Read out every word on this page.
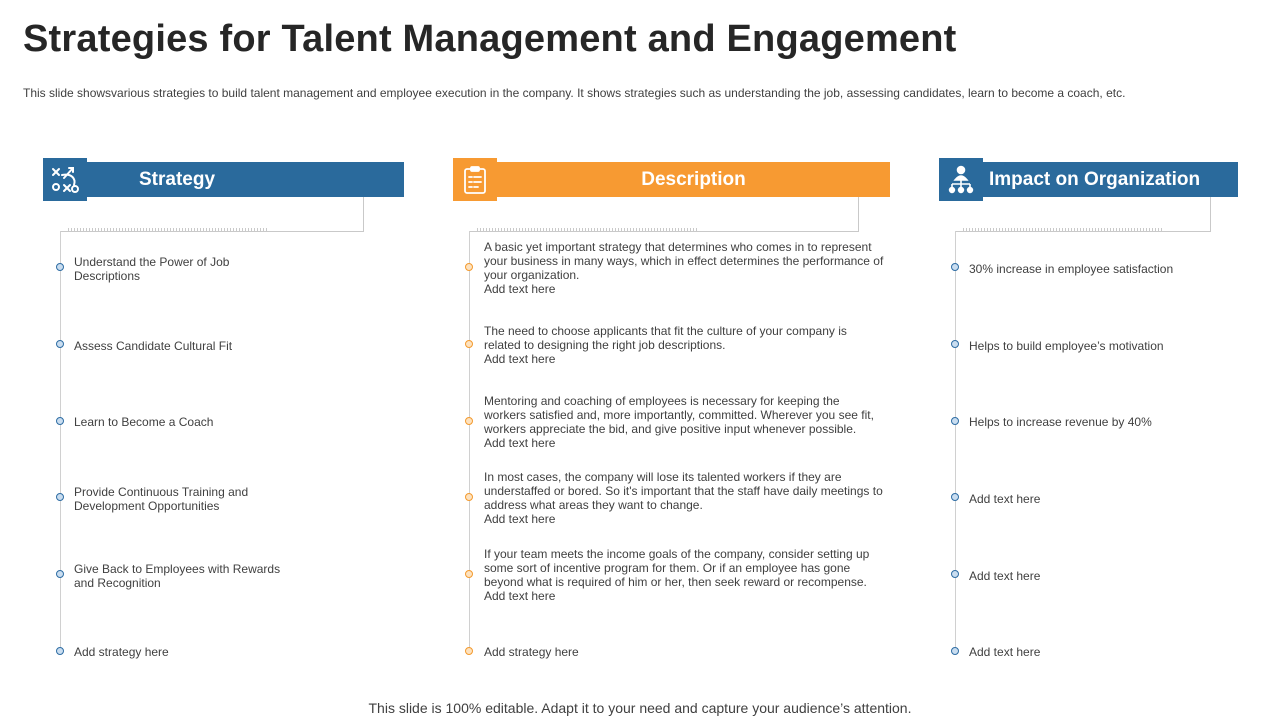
Strategies for Talent Management and Engagement
This slide showsvarious strategies to build talent management and employee execution in the company. It shows strategies such as understanding the job, assessing candidates, learn to become a coach, etc.
Strategy
Understand the Power of Job Descriptions
Assess Candidate Cultural Fit
Learn to Become a Coach
Provide Continuous Training and Development Opportunities
Give Back to Employees with Rewards and Recognition
Add strategy here
Description
A basic yet important strategy that determines who comes in to represent your business in many ways, which in effect determines the performance of your organization.
Add text here
The need to choose applicants that fit the culture of your company is related to designing the right job descriptions.
Add text here
Mentoring and coaching of employees is necessary for keeping the workers satisfied and, more importantly, committed. Wherever you see fit, workers appreciate the bid, and give positive input whenever possible.
Add text here
In most cases, the company will lose its talented workers if they are understaffed or bored. So it's important that the staff have daily meetings to address what areas they want to change.
Add text here
If your team meets the income goals of the company, consider setting up some sort of incentive program for them. Or if an employee has gone beyond what is required of him or her, then seek reward or recompense.
Add text here
Add strategy here
Impact on Organization
30% increase in employee satisfaction
Helps to build employee’s motivation
Helps to increase revenue by 40%
Add text here
Add text here
Add text here
This slide is 100% editable. Adapt it to your need and capture your audience’s attention.
